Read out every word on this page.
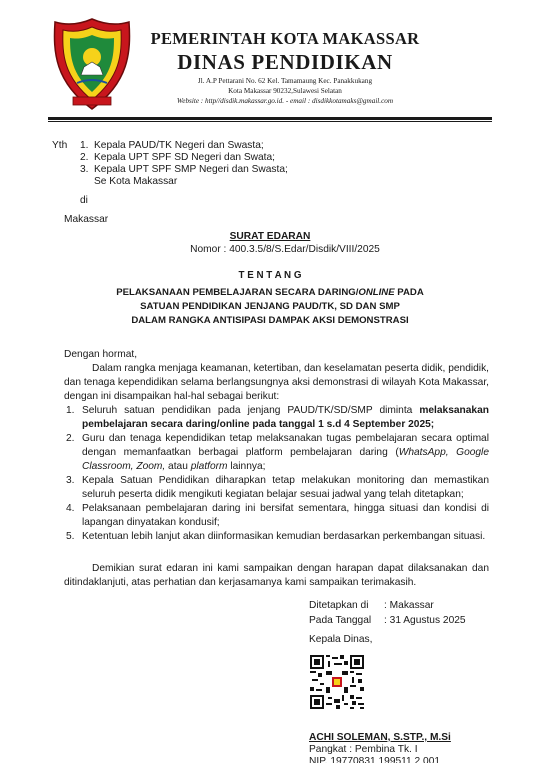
PEMERINTAH KOTA MAKASSAR
DINAS PENDIDIKAN
Jl. A.P Pettarani No. 62 Kel. Tamamaung Kec. Panakkukang
Kota Makassar 90232,Sulawesi Selatan
Website : http//disdik.makassar.go.id. - email : disdikkotamaks@gmail.com
Yth 1. Kepala PAUD/TK Negeri dan Swasta;
2. Kepala UPT SPF SD Negeri dan Swata;
3. Kepala UPT SPF SMP Negeri dan Swasta;
Se Kota Makassar
di
Makassar
SURAT EDARAN
Nomor : 400.3.5/8/S.Edar/Disdik/VIII/2025
T E N T A N G
PELAKSANAAN PEMBELAJARAN SECARA DARING/ONLINE PADA
SATUAN PENDIDIKAN JENJANG PAUD/TK, SD DAN SMP
DALAM RANGKA ANTISIPASI DAMPAK AKSI DEMONSTRASI
Dengan hormat,
Dalam rangka menjaga keamanan, ketertiban, dan keselamatan peserta didik, pendidik, dan tenaga kependidikan selama berlangsungnya aksi demonstrasi di wilayah Kota Makassar, dengan ini disampaikan hal-hal sebagai berikut:
1. Seluruh satuan pendidikan pada jenjang PAUD/TK/SD/SMP diminta melaksanakan pembelajaran secara daring/online pada tanggal 1 s.d 4 September 2025;
2. Guru dan tenaga kependidikan tetap melaksanakan tugas pembelajaran secara optimal dengan memanfaatkan berbagai platform pembelajaran daring (WhatsApp, Google Classroom, Zoom, atau platform lainnya;
3. Kepala Satuan Pendidikan diharapkan tetap melakukan monitoring dan memastikan seluruh peserta didik mengikuti kegiatan belajar sesuai jadwal yang telah ditetapkan;
4. Pelaksanaan pembelajaran daring ini bersifat sementara, hingga situasi dan kondisi di lapangan dinyatakan kondusif;
5. Ketentuan lebih lanjut akan diinformasikan kemudian berdasarkan perkembangan situasi.
Demikian surat edaran ini kami sampaikan dengan harapan dapat dilaksanakan dan ditindaklanjuti, atas perhatian dan kerjasamanya kami sampaikan terimakasih.
Ditetapkan di : Makassar
Pada Tanggal : 31 Agustus 2025
Kepala Dinas,
ACHI SOLEMAN, S.STP., M.Si
Pangkat : Pembina Tk. I
NIP. 19770831 199511 2 001
